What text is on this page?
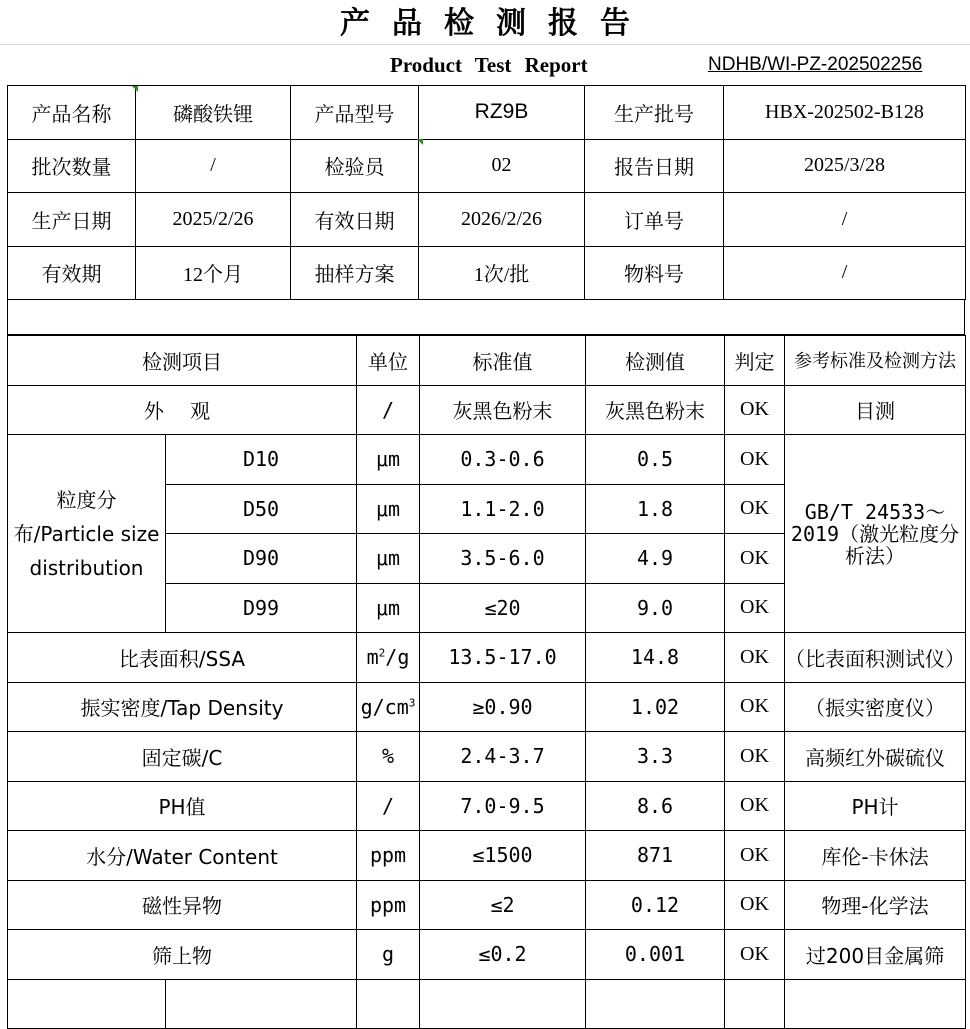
产品检测报告
Product Test Report	NDHB/WI-PZ-202502256
产品名称	磷酸铁锂	产品型号	RZ9B	生产批号	HBX-202502-B128
批次数量	/	检验员	02	报告日期	2025/3/28
生产日期	2025/2/26	有效日期	2026/2/26	订单号	/
有效期	12个月	抽样方案	1次/批	物料号	/
检测项目		单位	标准值	检测值	判定	参考标准及检测方法
外 观		/	灰黑色粉末	灰黑色粉末	OK	目测
粒度分布/Particle size distribution	D10	μm	0.3-0.6	0.5	OK	GB/T 24533～2019（激光粒度分析法）
	D50	μm	1.1-2.0	1.8	OK	
	D90	μm	3.5-6.0	4.9	OK	
	D99	μm	≤20	9.0	OK	
比表面积/SSA		$m^2/g$	13.5-17.0	14.8	OK	（比表面积测试仪）
振实密度/Tap Density		$g/cm^3$	≥0.90	1.02	OK	（振实密度仪）
固定碳/C		%	2.4-3.7	3.3	OK	高频红外碳硫仪
PH值		/	7.0-9.5	8.6	OK	PH计
水分/Water Content		ppm	≤1500	871	OK	库伦-卡休法
磁性异物		ppm	≤2	0.12	OK	物理-化学法
筛上物		g	≤0.2	0.001	OK	过200目金属筛
